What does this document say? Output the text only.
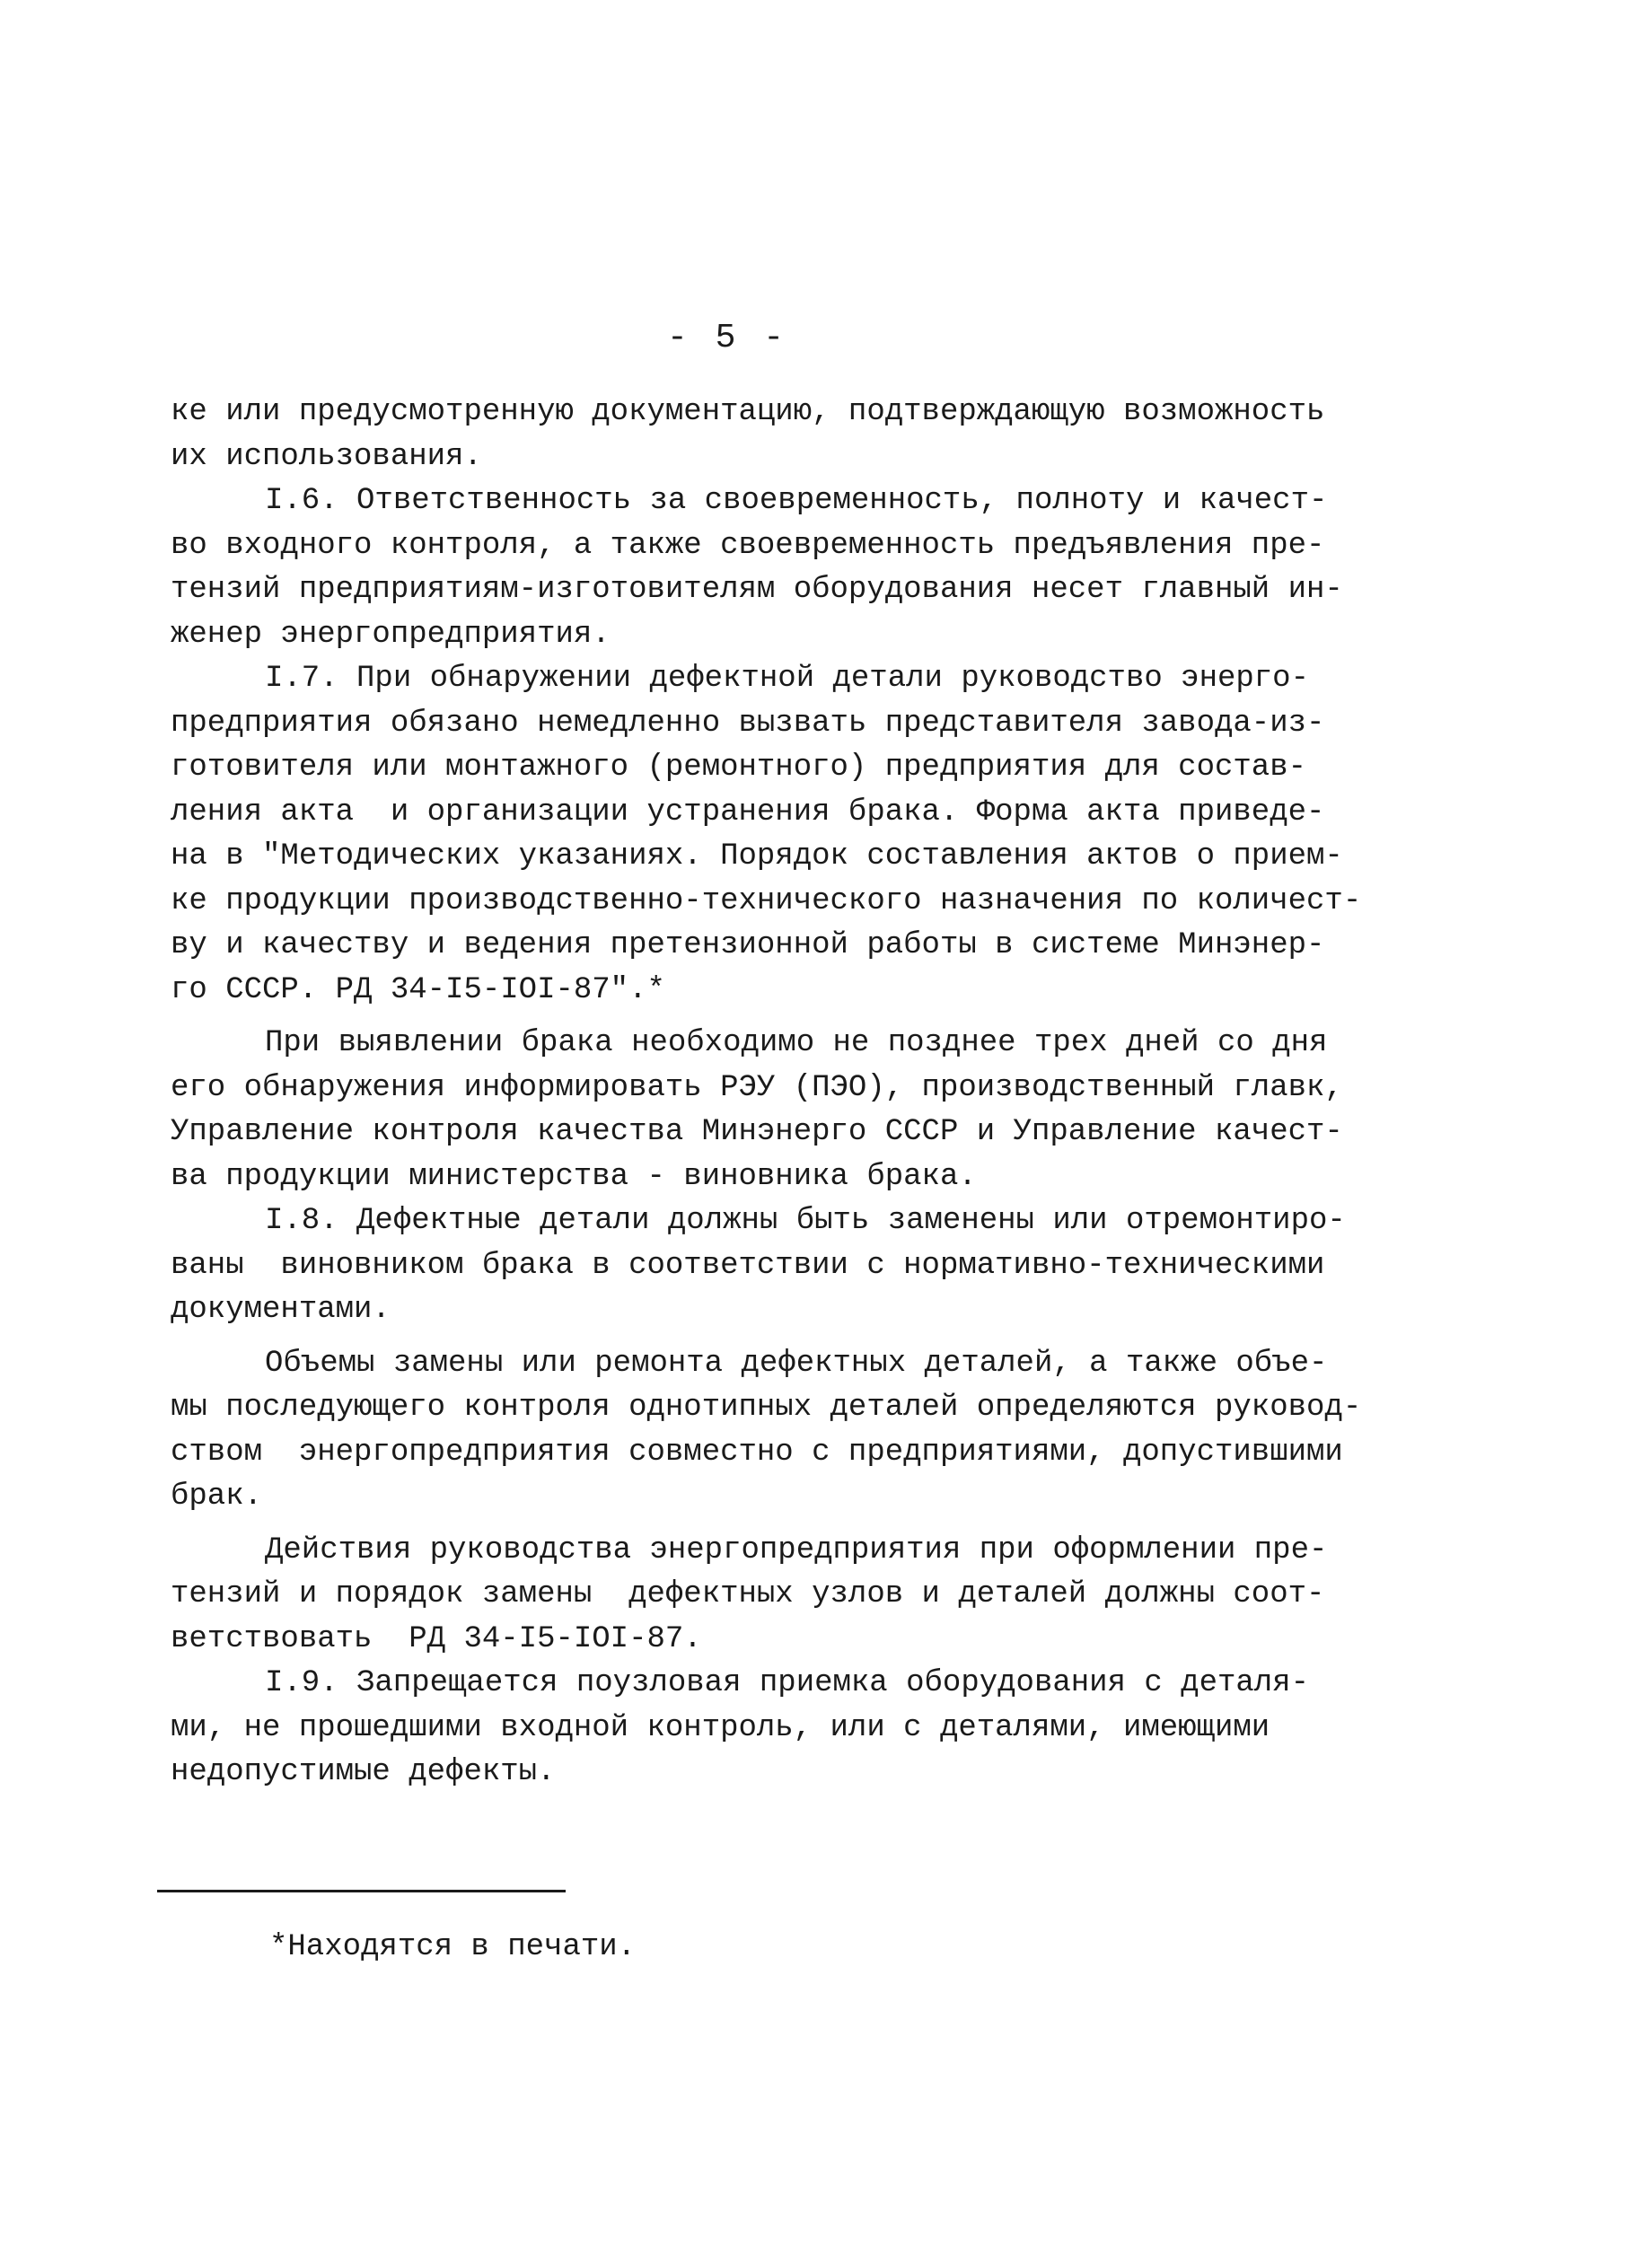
- 5 -
ке или предусмотренную документацию, подтверждающую возможность
их использования.
I.6. Ответственность за своевременность, полноту и качест-
во входного контроля, а также своевременность предъявления пре-
тензий предприятиям-изготовителям оборудования несет главный ин-
женер энергопредприятия.
I.7. При обнаружении дефектной детали руководство энерго-
предприятия обязано немедленно вызвать представителя завода-из-
готовителя или монтажного (ремонтного) предприятия для состав-
ления акта  и организации устранения брака. Форма акта приведе-
на в "Методических указаниях. Порядок составления актов о прием-
ке продукции производственно-технического назначения по количест-
ву и качеству и ведения претензионной работы в системе Минэнер-
го СССР. РД 34-I5-IOI-87".*
При выявлении брака необходимо не позднее трех дней со дня
его обнаружения информировать РЭУ (ПЭО), производственный главк,
Управление контроля качества Минэнерго СССР и Управление качест-
ва продукции министерства - виновника брака.
I.8. Дефектные детали должны быть заменены или отремонтиро-
ваны  виновником брака в соответствии с нормативно-техническими
документами.
Объемы замены или ремонта дефектных деталей, а также объе-
мы последующего контроля однотипных деталей определяются руковод-
ством  энергопредприятия совместно с предприятиями, допустившими
брак.
Действия руководства энергопредприятия при оформлении пре-
тензий и порядок замены  дефектных узлов и деталей должны соот-
ветствовать  РД 34-I5-IOI-87.
I.9. Запрещается поузловая приемка оборудования с деталя-
ми, не прошедшими входной контроль, или с деталями, имеющими
недопустимые дефекты.
*Находятся в печати.
